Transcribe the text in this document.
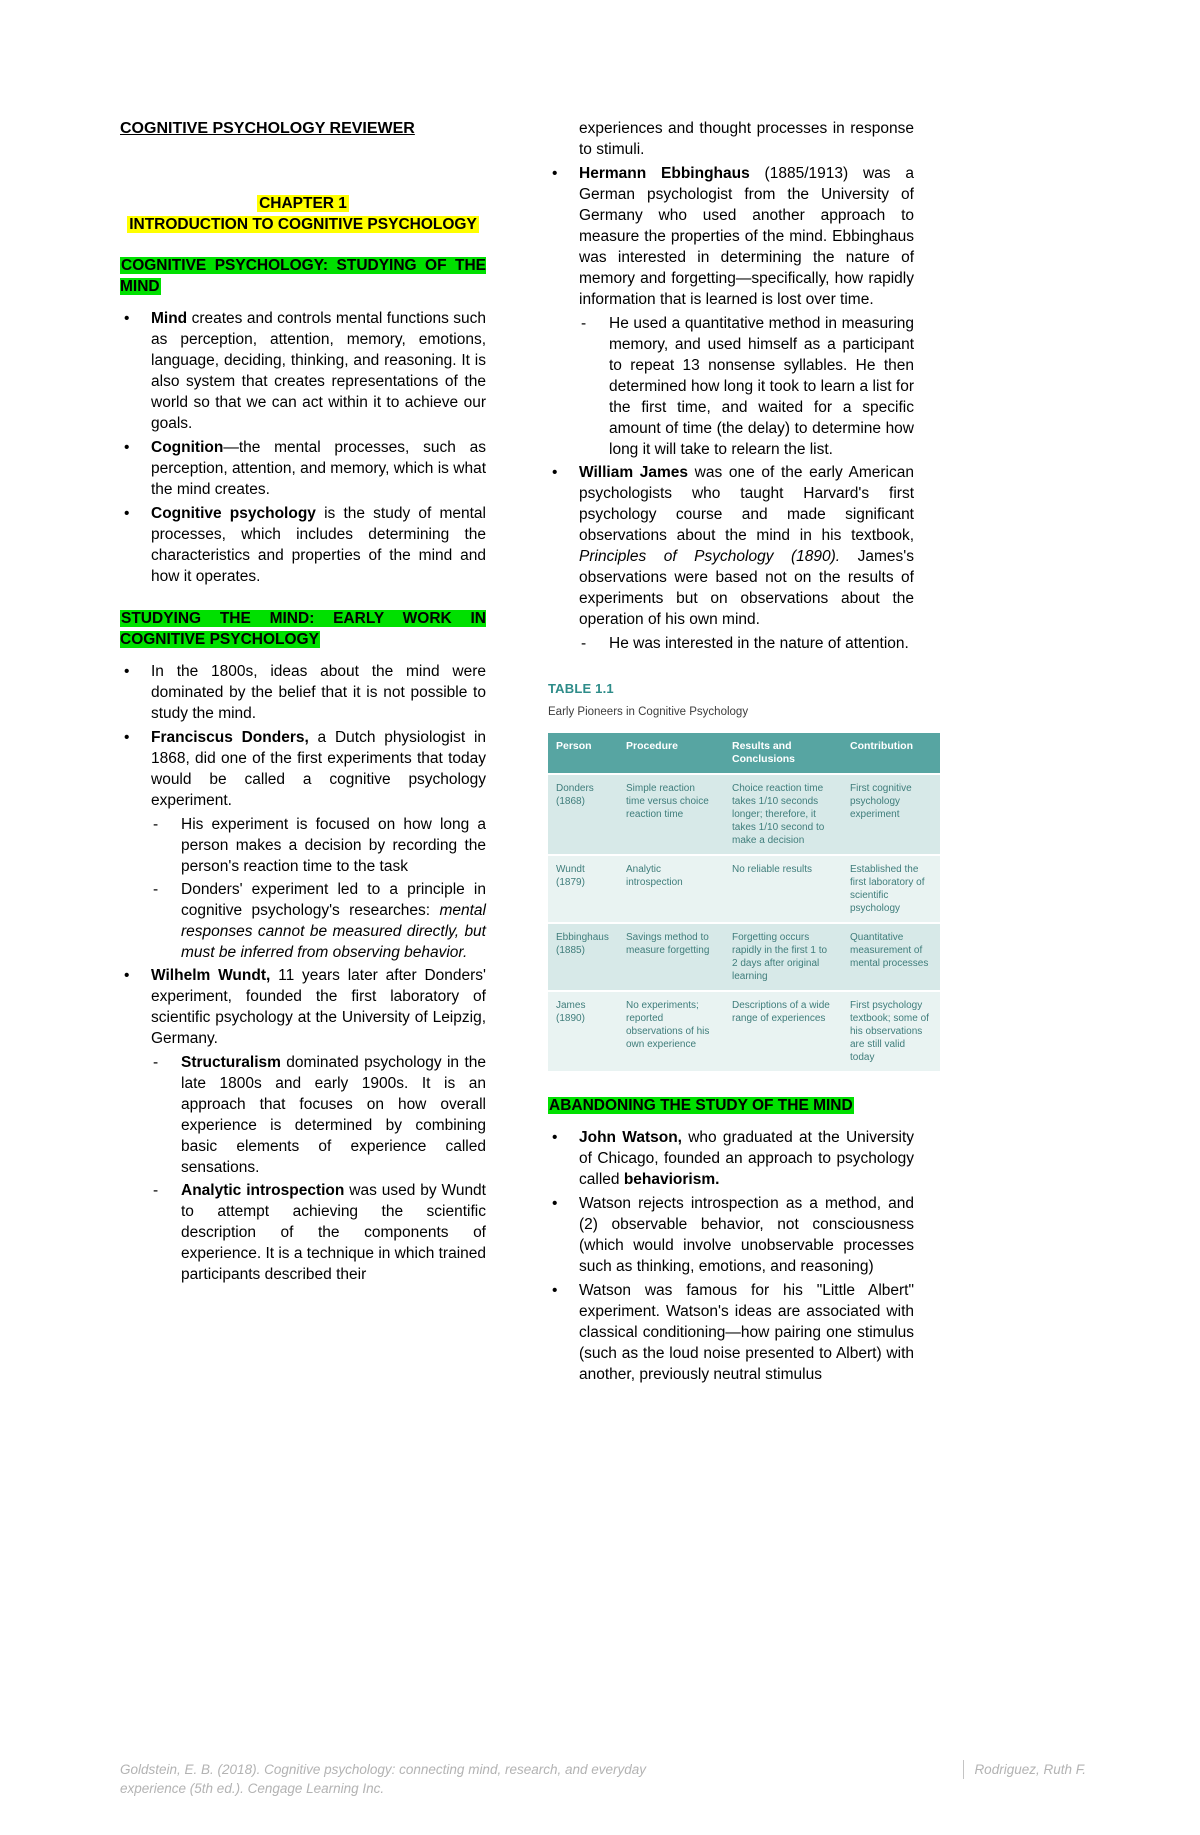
COGNITIVE PSYCHOLOGY REVIEWER
CHAPTER 1
INTRODUCTION TO COGNITIVE PSYCHOLOGY
COGNITIVE PSYCHOLOGY: STUDYING OF THE MIND
• Mind creates and controls mental functions such as perception, attention, memory, emotions, language, deciding, thinking, and reasoning. It is also system that creates representations of the world so that we can act within it to achieve our goals.
• Cognition—the mental processes, such as perception, attention, and memory, which is what the mind creates.
• Cognitive psychology is the study of mental processes, which includes determining the characteristics and properties of the mind and how it operates.
STUDYING THE MIND: EARLY WORK IN COGNITIVE PSYCHOLOGY
• In the 1800s, ideas about the mind were dominated by the belief that it is not possible to study the mind.
• Franciscus Donders, a Dutch physiologist in 1868, did one of the first experiments that today would be called a cognitive psychology experiment.
- His experiment is focused on how long a person makes a decision by recording the person's reaction time to the task
- Donders' experiment led to a principle in cognitive psychology's researches: mental responses cannot be measured directly, but must be inferred from observing behavior.
• Wilhelm Wundt, 11 years later after Donders' experiment, founded the first laboratory of scientific psychology at the University of Leipzig, Germany.
- Structuralism dominated psychology in the late 1800s and early 1900s. It is an approach that focuses on how overall experience is determined by combining basic elements of experience called sensations.
- Analytic introspection was used by Wundt to attempt achieving the scientific description of the components of experience. It is a technique in which trained participants described their
experiences and thought processes in response to stimuli.
• Hermann Ebbinghaus (1885/1913) was a German psychologist from the University of Germany who used another approach to measure the properties of the mind. Ebbinghaus was interested in determining the nature of memory and forgetting—specifically, how rapidly information that is learned is lost over time.
- He used a quantitative method in measuring memory, and used himself as a participant to repeat 13 nonsense syllables. He then determined how long it took to learn a list for the first time, and waited for a specific amount of time (the delay) to determine how long it will take to relearn the list.
• William James was one of the early American psychologists who taught Harvard's first psychology course and made significant observations about the mind in his textbook, Principles of Psychology (1890). James's observations were based not on the results of experiments but on observations about the operation of his own mind.
- He was interested in the nature of attention.
TABLE 1.1
Early Pioneers in Cognitive Psychology
Person	Procedure	Results and Conclusions	Contribution
Donders (1868)	Simple reaction time versus choice reaction time	Choice reaction time takes 1/10 seconds longer; therefore, it takes 1/10 second to make a decision	First cognitive psychology experiment
Wundt (1879)	Analytic introspection	No reliable results	Established the first laboratory of scientific psychology
Ebbinghaus (1885)	Savings method to measure forgetting	Forgetting occurs rapidly in the first 1 to 2 days after original learning	Quantitative measurement of mental processes
James (1890)	No experiments; reported observations of his own experience	Descriptions of a wide range of experiences	First psychology textbook; some of his observations are still valid today
ABANDONING THE STUDY OF THE MIND
• John Watson, who graduated at the University of Chicago, founded an approach to psychology called behaviorism.
• Watson rejects introspection as a method, and (2) observable behavior, not consciousness (which would involve unobservable processes such as thinking, emotions, and reasoning)
• Watson was famous for his "Little Albert" experiment. Watson's ideas are associated with classical conditioning—how pairing one stimulus (such as the loud noise presented to Albert) with another, previously neutral stimulus
Goldstein, E. B. (2018). Cognitive psychology: connecting mind, research, and everyday experience (5th ed.). Cengage Learning Inc.
Rodriguez, Ruth F.
